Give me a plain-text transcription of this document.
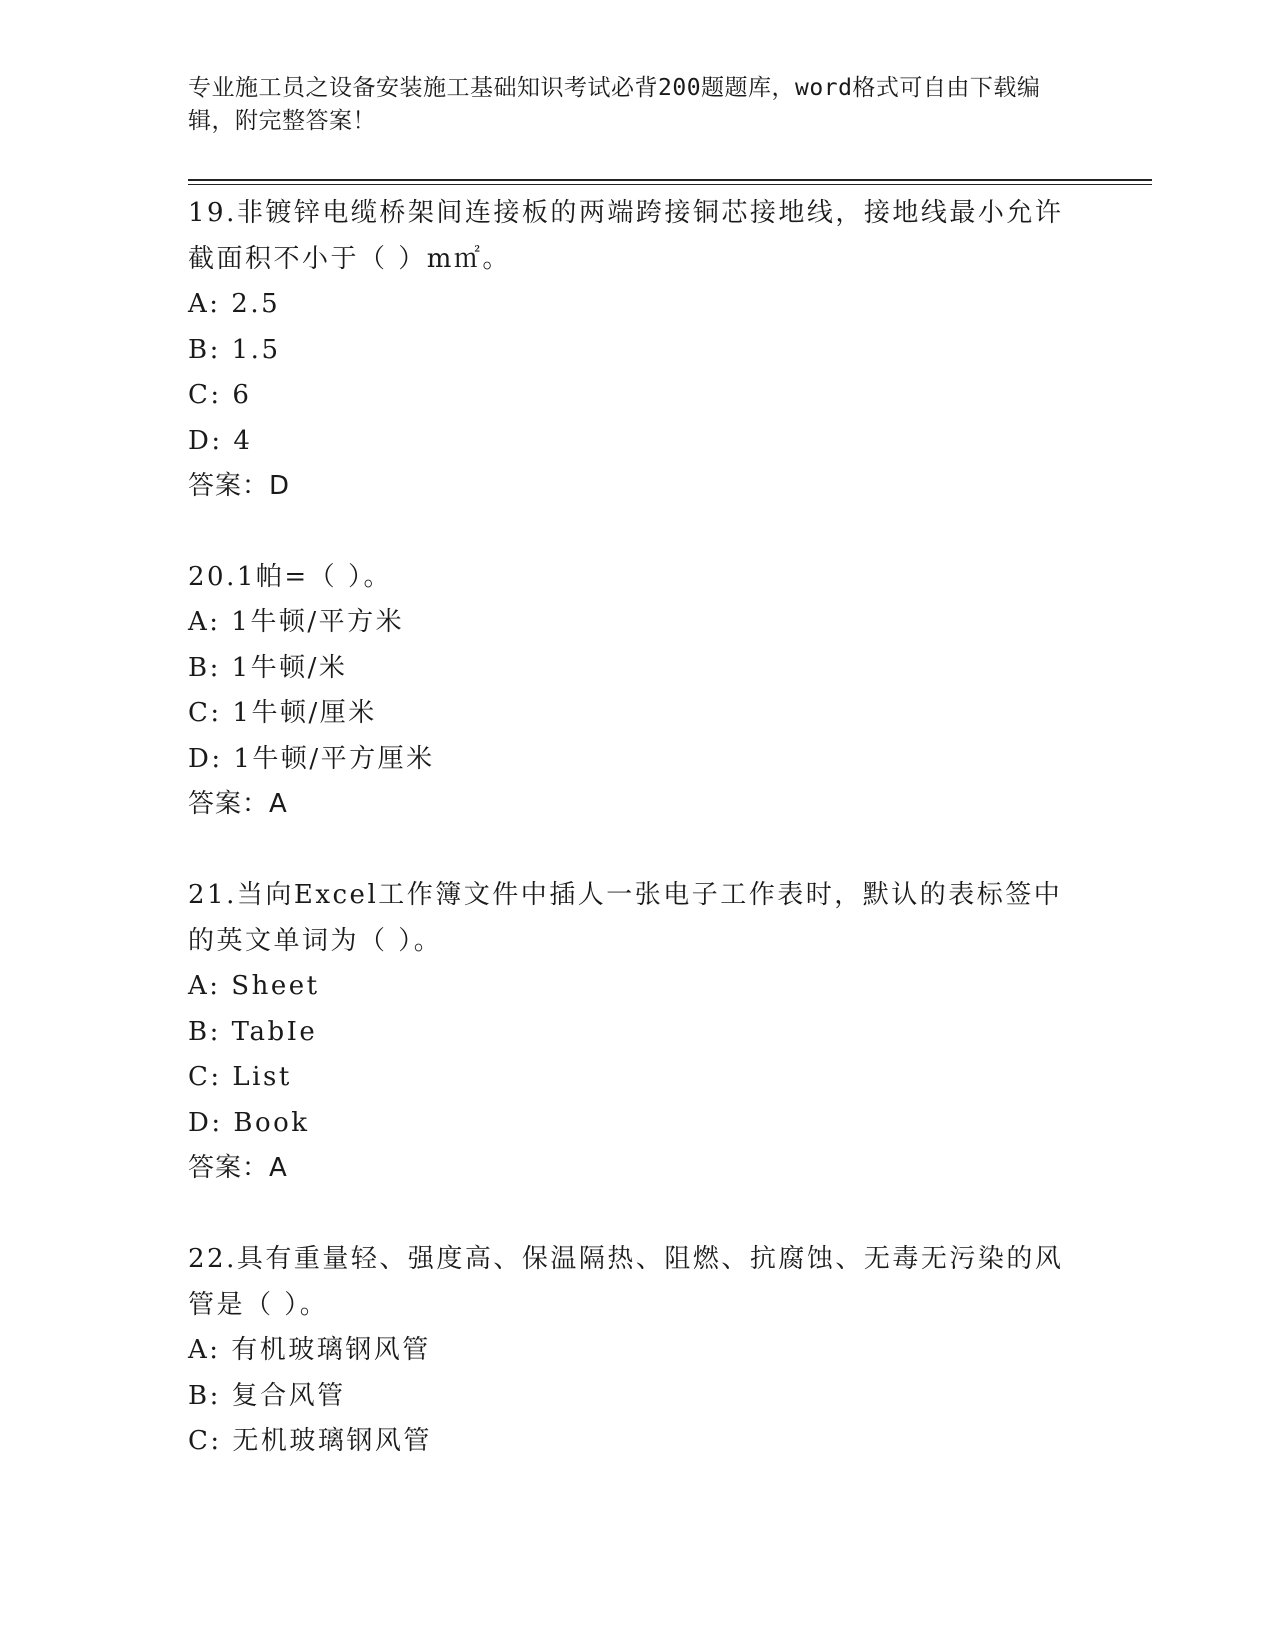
专业施工员之设备安装施工基础知识考试必背200题题库，word格式可自由下载编辑，附完整答案！

19.非镀锌电缆桥架间连接板的两端跨接铜芯接地线，接地线最小允许截面积不小于（ ）m㎡。

A: 2.5

B: 1.5

C: 6

D: 4

答案：D

20.1帕=（ ）。

A: 1牛顿/平方米

B: 1牛顿/米

C: 1牛顿/厘米

D: 1牛顿/平方厘米

答案：A

21.当向Excel工作簿文件中插人一张电子工作表时，默认的表标签中的英文单词为（ ）。

A: Sheet

B: TabIe

C: List

D: Book

答案：A

22.具有重量轻、强度高、保温隔热、阻燃、抗腐蚀、无毒无污染的风管是（ ）。

A: 有机玻璃钢风管

B: 复合风管

C: 无机玻璃钢风管
